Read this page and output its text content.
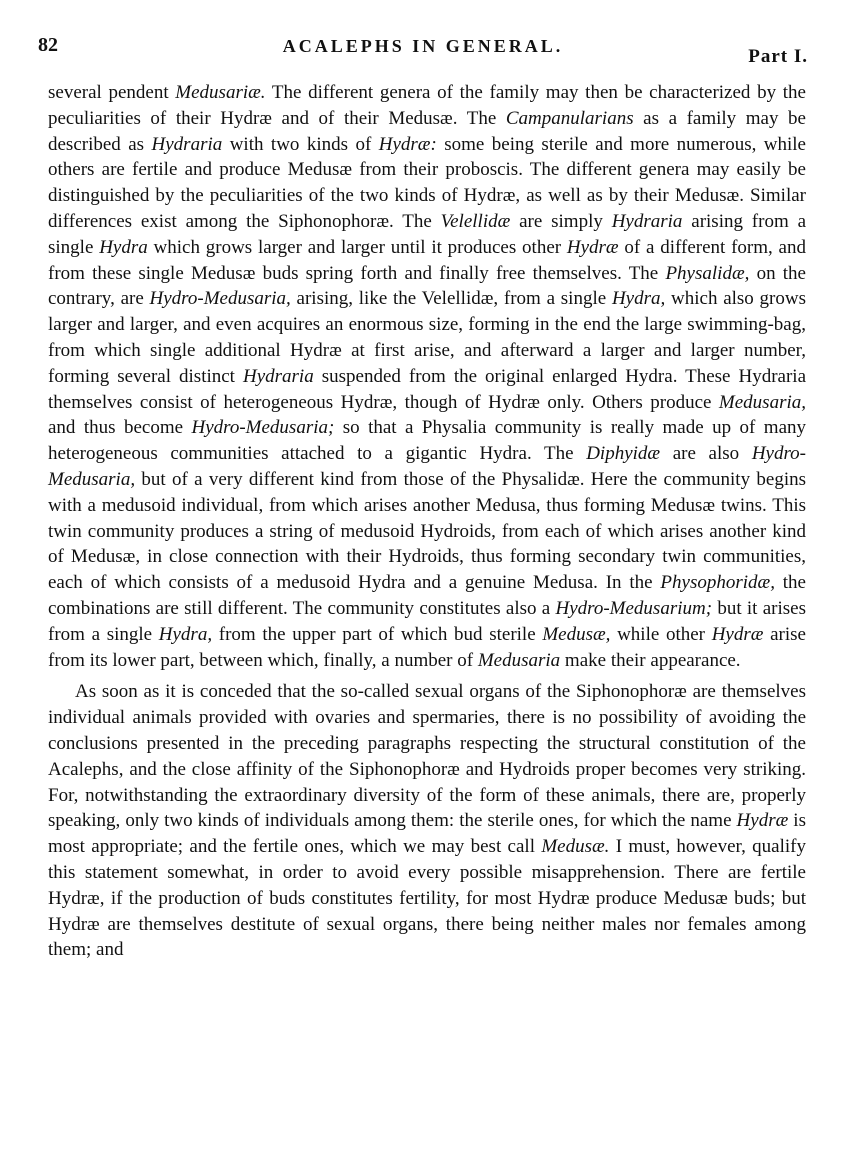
82	ACALEPHS IN GENERAL.	Part I.

several pendent Medusariæ. The different genera of the family may then be characterized by the peculiarities of their Hydræ and of their Medusæ. The Campanularians as a family may be described as Hydraria with two kinds of Hydræ: some being sterile and more numerous, while others are fertile and produce Medusæ from their proboscis. The different genera may easily be distinguished by the peculiarities of the two kinds of Hydræ, as well as by their Medusæ. Similar differences exist among the Siphonophoræ. The Velellidæ are simply Hydraria arising from a single Hydra which grows larger and larger until it produces other Hydræ of a different form, and from these single Medusæ buds spring forth and finally free themselves. The Physalidæ, on the contrary, are Hydro-Medusaria, arising, like the Velellidæ, from a single Hydra, which also grows larger and larger, and even acquires an enormous size, forming in the end the large swimming-bag, from which single additional Hydræ at first arise, and afterward a larger and larger number, forming several distinct Hydraria suspended from the original enlarged Hydra. These Hydraria themselves consist of heterogeneous Hydræ, though of Hydræ only. Others produce Medusaria, and thus become Hydro-Medusaria; so that a Physalia community is really made up of many heterogeneous communities attached to a gigantic Hydra. The Diphyidæ are also Hydro-Medusaria, but of a very different kind from those of the Physalidæ. Here the community begins with a medusoid individual, from which arises another Medusa, thus forming Medusæ twins. This twin community produces a string of medusoid Hydroids, from each of which arises another kind of Medusæ, in close connection with their Hydroids, thus forming secondary twin communities, each of which consists of a medusoid Hydra and a genuine Medusa. In the Physophoridæ, the combinations are still different. The community constitutes also a Hydro-Medusarium; but it arises from a single Hydra, from the upper part of which bud sterile Medusæ, while other Hydræ arise from its lower part, between which, finally, a number of Medusaria make their appearance.

As soon as it is conceded that the so-called sexual organs of the Siphonophoræ are themselves individual animals provided with ovaries and spermaries, there is no possibility of avoiding the conclusions presented in the preceding paragraphs respecting the structural constitution of the Acalephs, and the close affinity of the Siphonophoræ and Hydroids proper becomes very striking. For, notwithstanding the extraordinary diversity of the form of these animals, there are, properly speaking, only two kinds of individuals among them: the sterile ones, for which the name Hydræ is most appropriate; and the fertile ones, which we may best call Medusæ. I must, however, qualify this statement somewhat, in order to avoid every possible misapprehension. There are fertile Hydræ, if the production of buds constitutes fertility, for most Hydræ produce Medusæ buds; but Hydræ are themselves destitute of sexual organs, there being neither males nor females among them; and
